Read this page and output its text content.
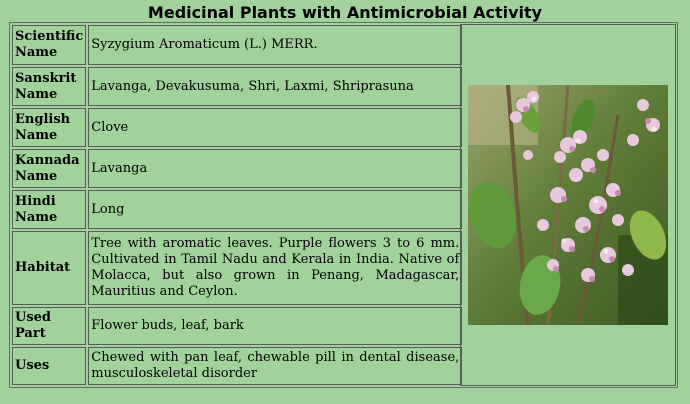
Medicinal Plants with Antimicrobial Activity
Scientific Name	Syzygium Aromaticum (L.) MERR.
Sanskrit Name	Lavanga, Devakusuma, Shri, Laxmi, Shriprasuna
English Name	Clove
Kannada Name	Lavanga
Hindi Name	Long
Habitat	Tree with aromatic leaves. Purple flowers 3 to 6 mm. Cultivated in Tamil Nadu and Kerala in India. Native of Molacca, but also grown in Penang, Madagascar, Mauritius and Ceylon.
Used Part	Flower buds, leaf, bark
Uses	Chewed with pan leaf, chewable pill in dental disease, musculoskeletal disorder
